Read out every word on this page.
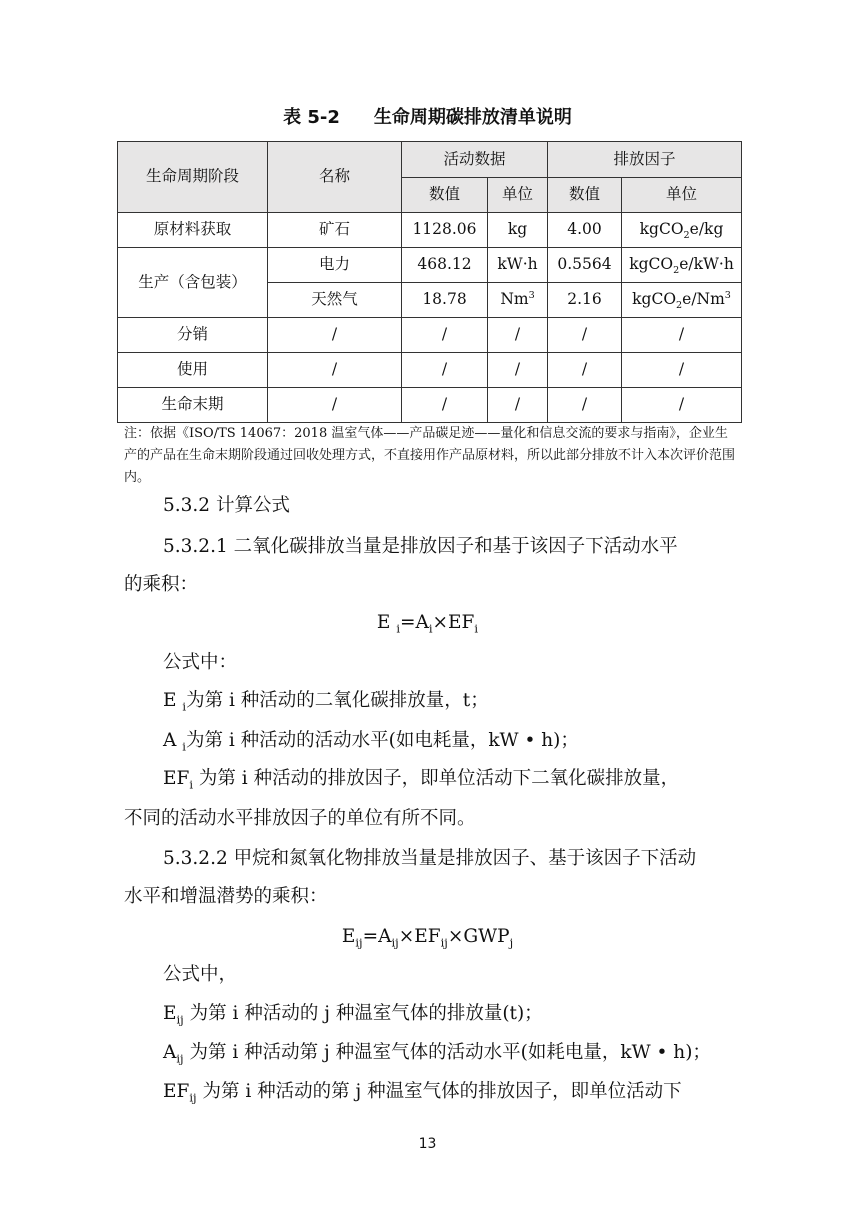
表 5-2 生命周期碳排放清单说明
生命周期阶段	名称	活动数据		排放因子	
		数值	单位	数值	单位
原材料获取	矿石	1128.06	kg	4.00	kgCO$_2$e/kg
生产（含包装）	电力	468.12	kW·h	0.5564	kgCO$_2$e/kW·h
	天然气	18.78	Nm$^3$	2.16	$kgCO_2e/Nm^3$
分销	/	/	/	/	/
使用	/	/	/	/	/
生命末期	/	/	/	/	/
注：依据《ISO/TS 14067：2018 温室气体——产品碳足迹——量化和信息交流的要求与指南》，企业生产的产品在生命末期阶段通过回收处理方式，不直接用作产品原材料，所以此部分排放不计入本次评价范围内。
5.3.2 计算公式
5.3.2.1 二氧化碳排放当量是排放因子和基于该因子下活动水平
的乘积：
E $_i=A_i\times EF_i$
公式中：
E $_i$为第 i 种活动的二氧化碳排放量，t；
A $_i$为第 i 种活动的活动水平(如电耗量，kW • h)；
$EF_i$ 为第 i 种活动的排放因子，即单位活动下二氧化碳排放量，
不同的活动水平排放因子的单位有所不同。
5.3.2.2 甲烷和氮氧化物排放当量是排放因子、基于该因子下活动
水平和增温潜势的乘积：
$E_{ij}=A_{ij}\times EF_{ij}\times GWP_j$
公式中，
$E_{ij}$ 为第 i 种活动的 j 种温室气体的排放量(t)；
$A_{ij}$ 为第 i 种活动第 j 种温室气体的活动水平(如耗电量，kW • h)；
$EF_{ij}$ 为第 i 种活动的第 j 种温室气体的排放因子，即单位活动下
13
